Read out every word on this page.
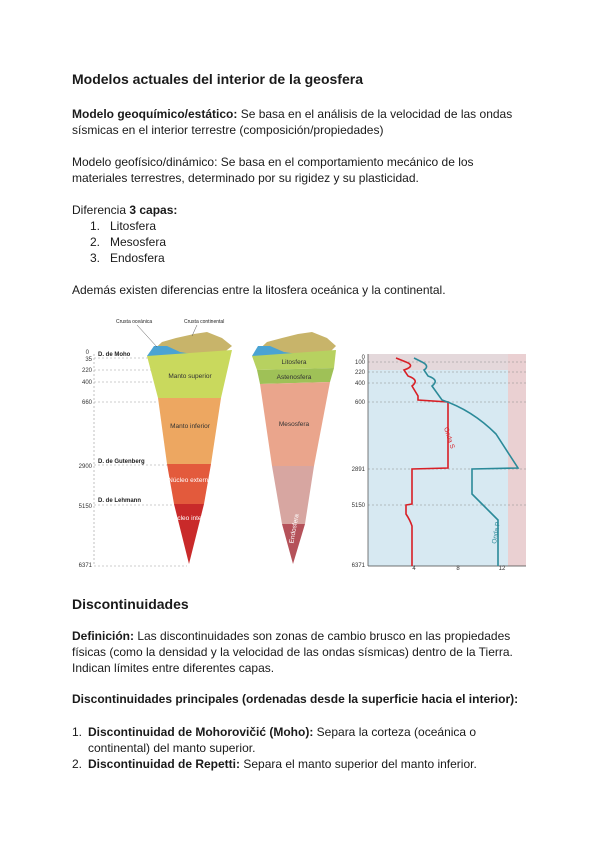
Modelos actuales del interior de la geosfera

Modelo geoquímico/estático: Se basa en el análisis de la velocidad de las ondas sísmicas en el interior terrestre (composición/propiedades)

Modelo geofísico/dinámico: Se basa en el comportamiento mecánico de los materiales terrestres, determinado por su rigidez y su plasticidad.

Diferencia 3 capas:

1. Litosfera
2. Mesosfera
3. Endosfera

Además existen diferencias entre la litosfera oceánica y la continental.

0
35
220
400
660
2900
5150
6371
D. de Moho
D. de Gutenberg
D. de Lehmann
Crusta oceánica	Crusta continental
Manto superior
Manto inferior
Núcleo externo
Núcleo interno
Litosfera
Astenosfera
Mesosfera
Endosfera
0
100
220
400
600
2891
5150
6371	4	8	12
Onda S
Onda P

Discontinuidades

Definición: Las discontinuidades son zonas de cambio brusco en las propiedades físicas (como la densidad y la velocidad de las ondas sísmicas) dentro de la Tierra. Indican límites entre diferentes capas.

Discontinuidades principales (ordenadas desde la superficie hacia el interior):

1. Discontinuidad de Mohorovičić (Moho): Separa la corteza (oceánica o continental) del manto superior.
2. Discontinuidad de Repetti: Separa el manto superior del manto inferior.
